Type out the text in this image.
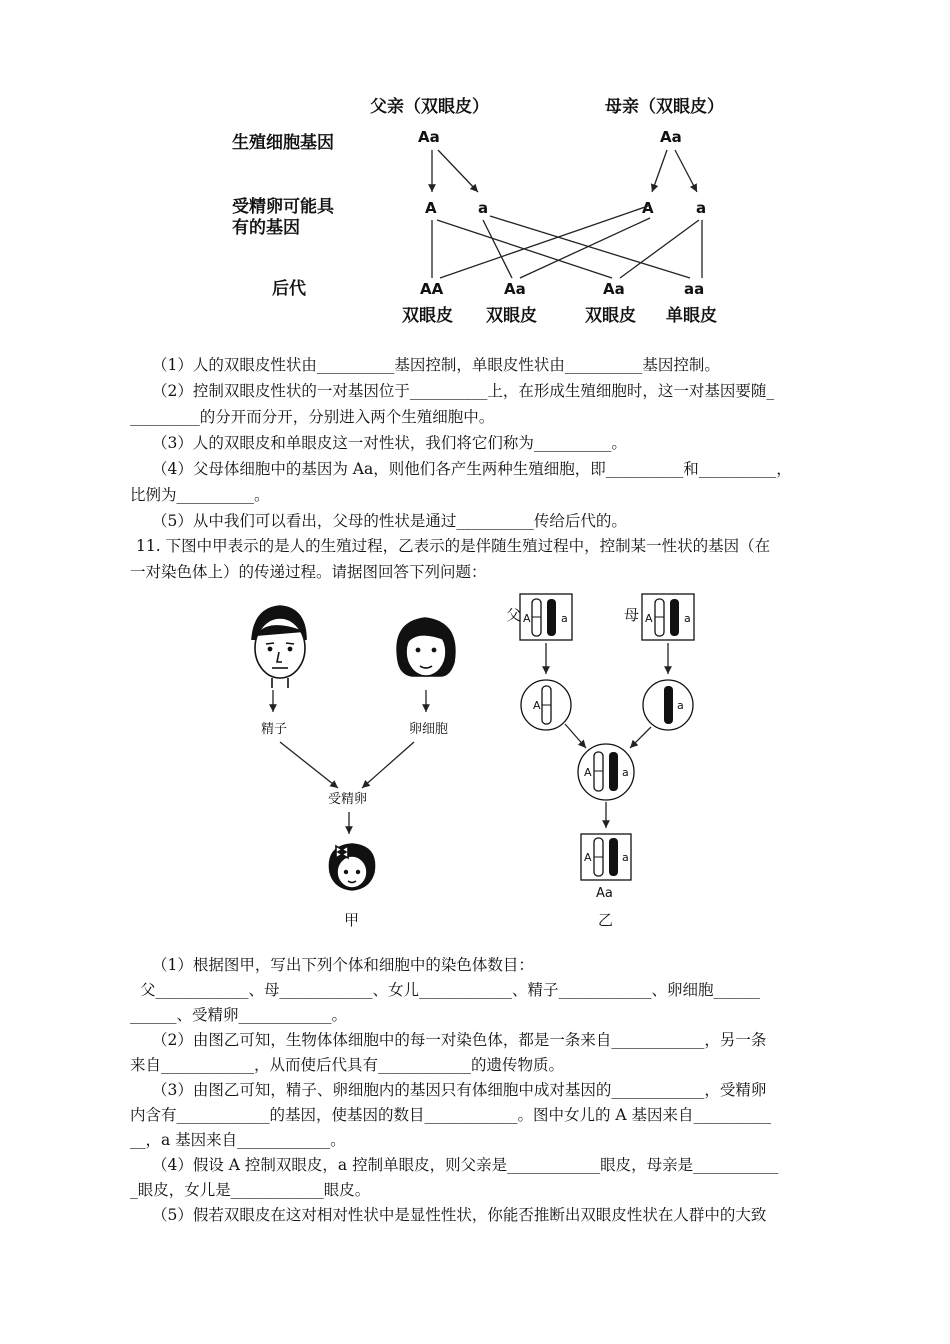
父亲（双眼皮）	母亲（双眼皮）
生殖细胞基因
受精卵可能具
有的基因
后代
Aa	Aa
A	a	A	a
AA	Aa	Aa	aa
双眼皮 双眼皮	双眼皮 单眼皮
（1）人的双眼皮性状由__________基因控制，单眼皮性状由__________基因控制。
（2）控制双眼皮性状的一对基因位于__________上，在形成生殖细胞时，这一对基因要随_
_________的分开而分开，分别进入两个生殖细胞中。
（3）人的双眼皮和单眼皮这一对性状，我们将它们称为__________。
（4）父母体细胞中的基因为 Aa，则他们各产生两种生殖细胞，即__________和__________，
比例为__________。
（5）从中我们可以看出，父母的性状是通过__________传给后代的。
11. 下图中甲表示的是人的生殖过程，乙表示的是伴随生殖过程中，控制某一性状的基因（在
一对染色体上）的传递过程。请据图回答下列问题：
精子	卵细胞
受精卵
甲
父 A	a	母 A	a
A	a
A	a
A	a
Aa
乙
（1）根据图甲，写出下列个体和细胞中的染色体数目：
父____________、母____________、女儿____________、精子____________、卵细胞______
______、受精卵____________。
（2）由图乙可知，生物体体细胞中的每一对染色体，都是一条来自____________，另一条
来自____________，从而使后代具有____________的遗传物质。
（3）由图乙可知，精子、卵细胞内的基因只有体细胞中成对基因的____________，受精卵
内含有____________的基因，使基因的数目____________。图中女儿的 A 基因来自__________
__，a 基因来自____________。
（4）假设 A 控制双眼皮，a 控制单眼皮，则父亲是____________眼皮，母亲是___________
_眼皮，女儿是____________眼皮。
（5）假若双眼皮在这对相对性状中是显性性状，你能否推断出双眼皮性状在人群中的大致
